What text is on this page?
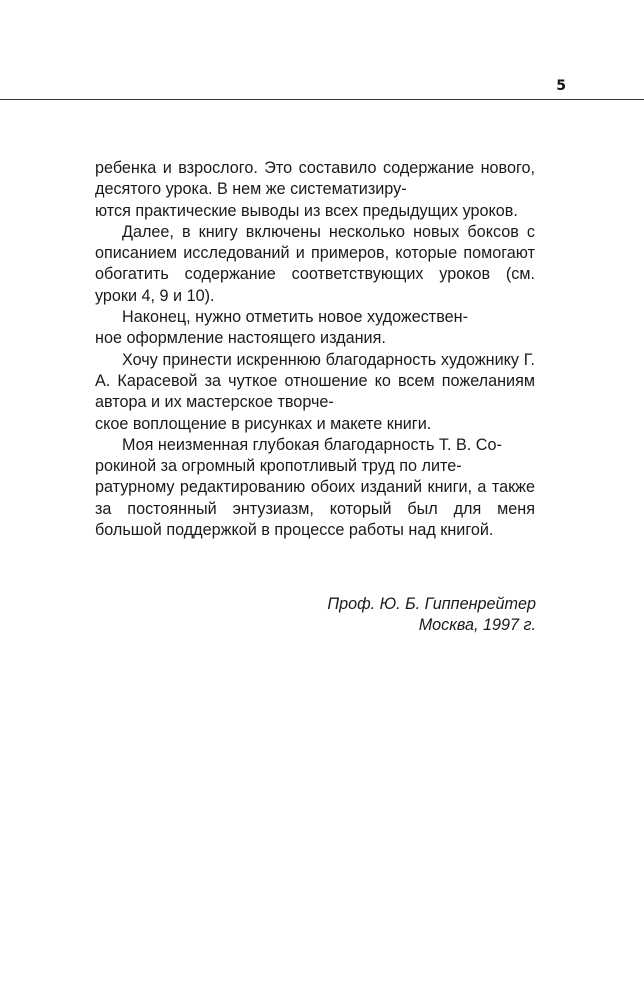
5

ребенка и взрослого. Это составило содержание нового, десятого урока. В нем же систематизиру-
ются практические выводы из всех предыдущих уроков.

Далее, в книгу включены несколько новых боксов с описанием исследований и примеров, которые помогают обогатить содержание соответствующих уроков (см. уроки 4, 9 и 10).

Наконец, нужно отметить новое художествен-
ное оформление настоящего издания.

Хочу принести искреннюю благодарность художнику Г. А. Карасевой за чуткое отношение ко всем пожеланиям автора и их мастерское творче-
ское воплощение в рисунках и макете книги.

Моя неизменная глубокая благодарность Т. В. Со-
рокиной за огромный кропотливый труд по лите-
ратурному редактированию обоих изданий книги, а также за постоянный энтузиазм, который был для меня большой поддержкой в процессе работы над книгой.

Проф. Ю. Б. Гиппенрейтер
Москва, 1997 г.
